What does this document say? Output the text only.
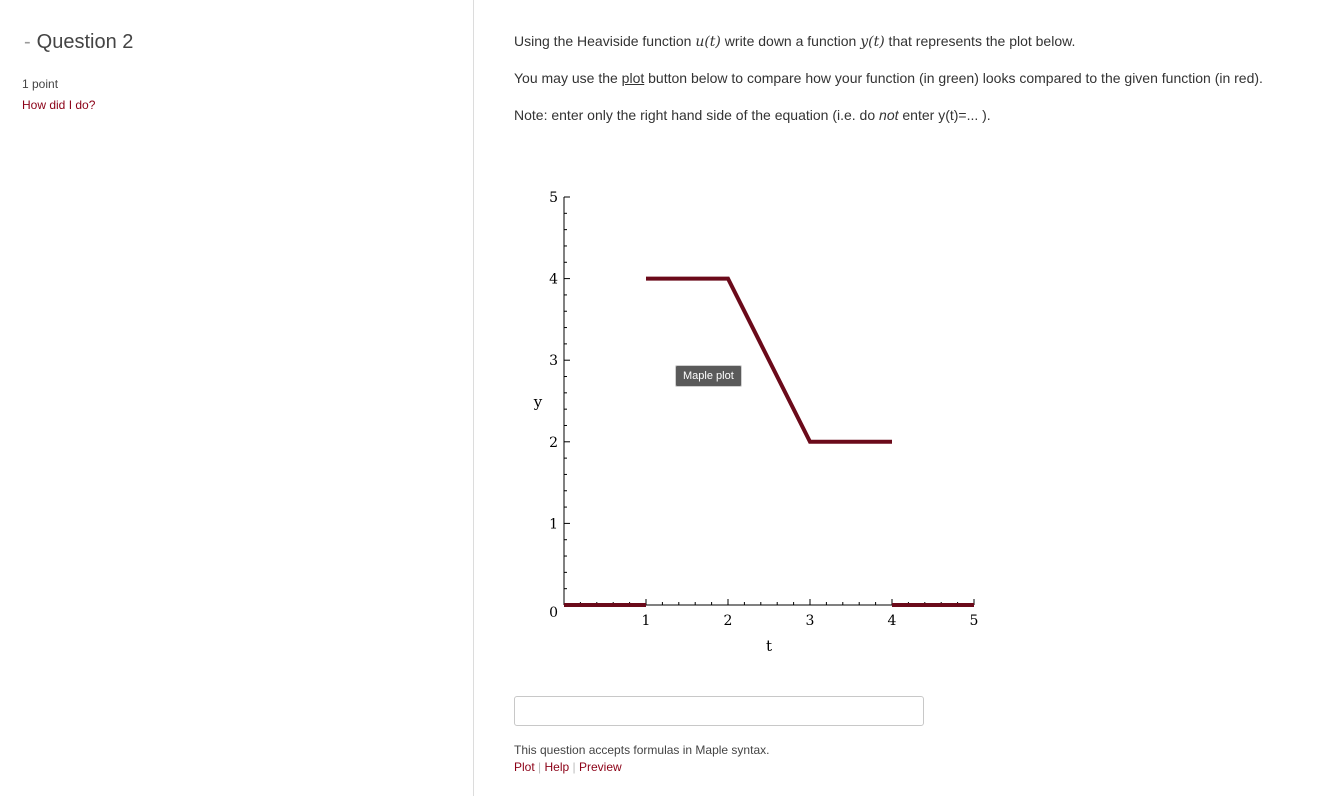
- Question 2
1 point
How did I do?
Using the Heaviside function u(t) write down a function y(t) that represents the plot below.
You may use the plot button below to compare how your function (in green) looks compared to the given function (in red).
Note: enter only the right hand side of the equation (i.e. do not enter y(t)=... ).
0
1
2
3
4
5
1	2	3	4	5
t
y
Maple plot
This question accepts formulas in Maple syntax.
Plot | Help | Preview
